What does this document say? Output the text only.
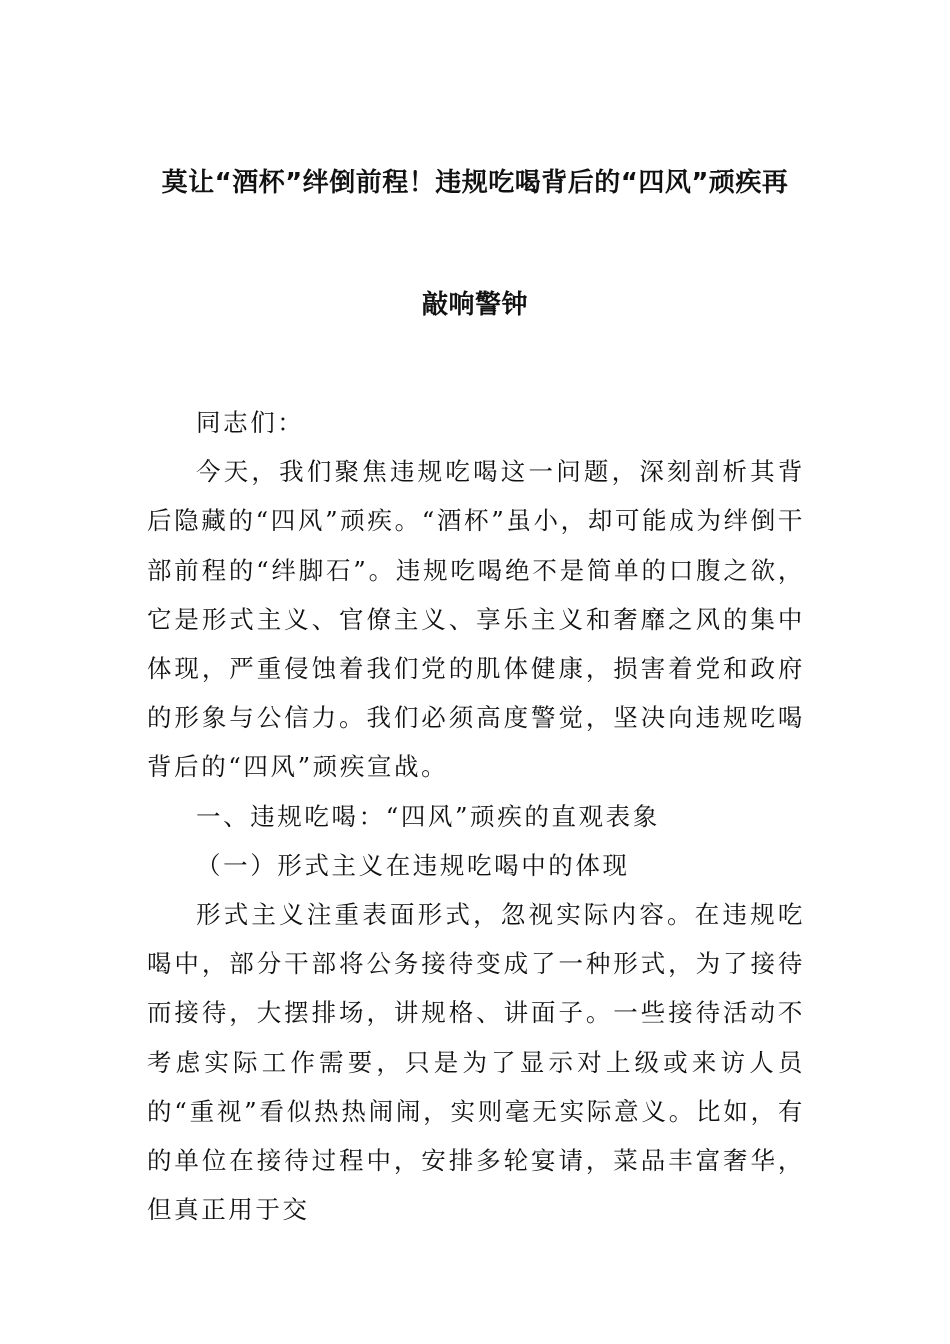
莫让“酒杯”绊倒前程！违规吃喝背后的“四风”顽疾再
敲响警钟

同志们：

今天，我们聚焦违规吃喝这一问题，深刻剖析其背后隐藏的“四风”顽疾。“酒杯”虽小，却可能成为绊倒干部前程的“绊脚石”。违规吃喝绝不是简单的口腹之欲，它是形式主义、官僚主义、享乐主义和奢靡之风的集中体现，严重侵蚀着我们党的肌体健康，损害着党和政府的形象与公信力。我们必须高度警觉，坚决向违规吃喝背后的“四风”顽疾宣战。

一、违规吃喝：“四风”顽疾的直观表象

（一）形式主义在违规吃喝中的体现

形式主义注重表面形式，忽视实际内容。在违规吃喝中，部分干部将公务接待变成了一种形式，为了接待而接待，大摆排场，讲规格、讲面子。一些接待活动不考虑实际工作需要，只是为了显示对上级或来访人员的“重视”看似热热闹闹，实则毫无实际意义。比如，有的单位在接待过程中，安排多轮宴请，菜品丰富奢华，但真正用于交
